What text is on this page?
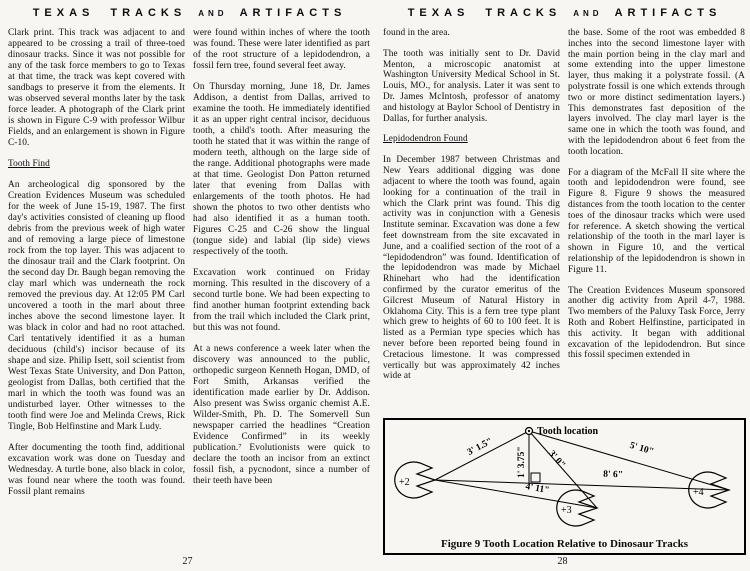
TEXAS TRACKS AND ARTIFACTS

Clark print. This track was adjacent to and appeared to be crossing a trail of three-toed dinosaur tracks. Since it was not possible for any of the task force members to go to Texas at that time, the track was kept covered with sandbags to preserve it from the elements. It was observed several months later by the task force leader. A photograph of the Clark print is shown in Figure C-9 with professor Wilbur Fields, and an enlargement is shown in Figure C-10.

Tooth Find

An archeological dig sponsored by the Creation Evidences Museum was scheduled for the week of June 15-19, 1987. The first day's activities consisted of cleaning up flood debris from the previous week of high water and of removing a large piece of limestone rock from the top layer. This was adjacent to the dinosaur trail and the Clark footprint. On the second day Dr. Baugh began removing the clay marl which was underneath the rock removed the previous day. At 12:05 PM Carl uncovered a tooth in the marl about three inches above the second limestone layer. It was black in color and had no root attached. Carl tentatively identified it as a human deciduous (child's) incisor because of its shape and size. Philip Isett, soil scientist from West Texas State University, and Don Patton, geologist from Dallas, both certified that the marl in which the tooth was found was an undisturbed layer. Other witnesses to the tooth find were Joe and Melinda Crews, Rick Tingle, Bob Helfinstine and Mark Ludy.

After documenting the tooth find, additional excavation work was done on Tuesday and Wednesday. A turtle bone, also black in color, was found near where the tooth was found. Fossil plant remains

were found within inches of where the tooth was found. These were later identified as part of the root structure of a lepidodendron, a fossil fern tree, found several feet away.

On Thursday morning, June 18, Dr. James Addison, a dentist from Dallas, arrived to examine the tooth. He immediately identified it as an upper right central incisor, deciduous tooth, a child's tooth. After measuring the tooth he stated that it was within the range of modern teeth, although on the large side of the range. Additional photographs were made at that time. Geologist Don Patton returned later that evening from Dallas with enlargements of the tooth photos. He had shown the photos to two other dentists who had also identified it as a human tooth. Figures C-25 and C-26 show the lingual (tongue side) and labial (lip side) views respectively of the tooth.

Excavation work continued on Friday morning. This resulted in the discovery of a second turtle bone. We had been expecting to find another human footprint extending back from the trail which included the Clark print, but this was not found.

At a news conference a week later when the discovery was announced to the public, orthopedic surgeon Kenneth Hogan, DMD, of Fort Smith, Arkansas verified the identification made earlier by Dr. Addison. Also present was Swiss organic chemist A.E. Wilder-Smith, Ph. D. The Somervell Sun newspaper carried the headlines “Creation Evidence Confirmed” in its weekly publication.⁷ Evolutionists were quick to declare the tooth an incisor from an extinct fossil fish, a pycnodont, since a number of their teeth have been

27
TEXAS TRACKS AND ARTIFACTS

found in the area.

The tooth was initially sent to Dr. David Menton, a microscopic anatomist at Washington University Medical School in St. Louis, MO., for analysis. Later it was sent to Dr. James McIntosh, professor of anatomy and histology at Baylor School of Dentistry in Dallas, for further analysis.

Lepidodendron Found

In December 1987 between Christmas and New Years additional digging was done adjacent to where the tooth was found, again looking for a continuation of the trail in which the Clark print was found. This dig activity was in conjunction with a Genesis Institute seminar. Excavation was done a few feet downstream from the site excavated in June, and a coalified section of the root of a “lepidodendron” was found. Identification of the lepidodendron was made by Michael Rhinehart who had the identification confirmed by the curator emeritus of the Gilcrest Museum of Natural History in Oklahoma City. This is a fern tree type plant which grew to heights of 60 to 100 feet. It is listed as a Permian type species which has never before been reported being found in Cretacious limestone. It was compressed vertically but was approximately 42 inches wide at

the base. Some of the root was embedded 8 inches into the second limestone layer with the main portion being in the clay marl and some extending into the upper limestone layer, thus making it a polystrate fossil. (A polystrate fossil is one which extends through two or more distinct sedimentation layers.) This demonstrates fast deposition of the layers involved. The clay marl layer is the same one in which the tooth was found, and with the lepidodendron about 6 feet from the tooth location.

For a diagram of the McFall II site where the tooth and lepidodendron were found, see Figure 8. Figure 9 shows the measured distances from the tooth location to the center toes of the dinosaur tracks which were used for reference. A sketch showing the vertical relationship of the tooth in the marl layer is shown in Figure 10, and the vertical relationship of the lepidodendron is shown in Figure 11.

The Creation Evidences Museum sponsored another dig activity from April 4-7, 1988. Two members of the Paluxy Task Force, Jerry Roth and Robert Helfinstine, participated in this activity. It began with additional excavation of the lepidodendron. But since this fossil specimen extended in

Tooth location
3' 1.5" 1' 3.75" 3' 0"	5' 10"
8' 6"
4' 11"
+2
+3
+4
Figure 9 Tooth Location Relative to Dinosaur Tracks
28
